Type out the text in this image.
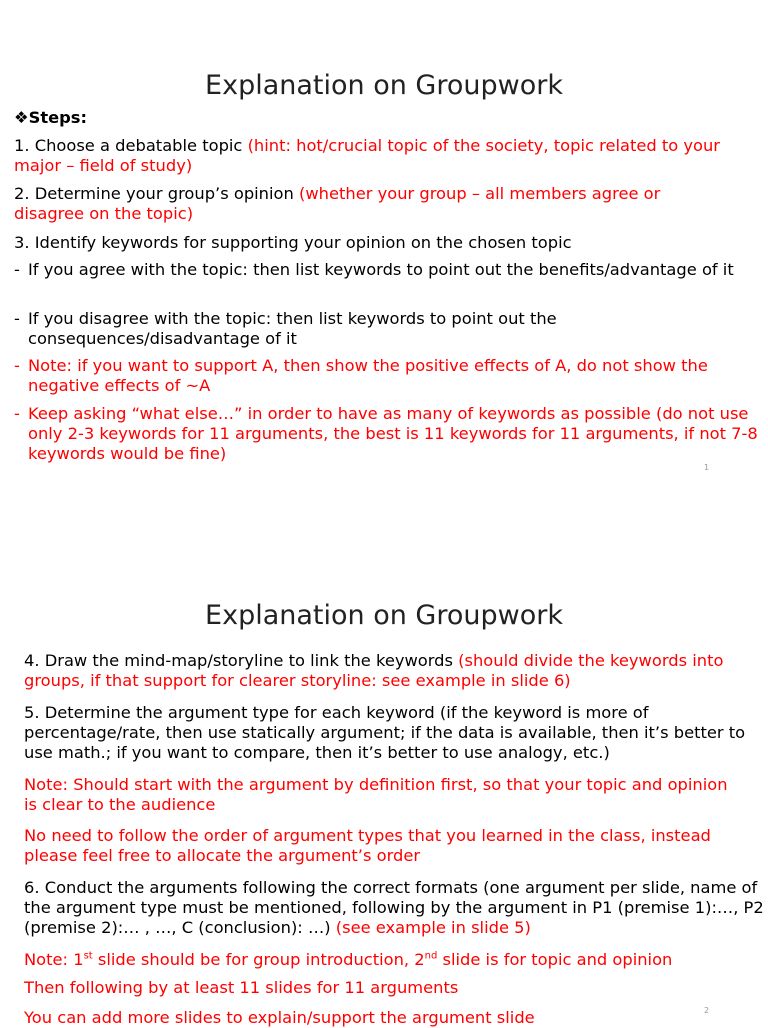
Explanation on Groupwork
❖Steps:

1. Choose a debatable topic (hint: hot/crucial topic of the society, topic related to your major – field of study)

2. Determine your group’s opinion (whether your group – all members agree or disagree on the topic)

3. Identify keywords for supporting your opinion on the chosen topic

- If you agree with the topic: then list keywords to point out the benefits/advantage of it

- If you disagree with the topic: then list keywords to point out the consequences/disadvantage of it

- Note: if you want to support A, then show the positive effects of A, do not show the negative effects of ~A

- Keep asking “what else…” in order to have as many of keywords as possible (do not use only 2-3 keywords for 11 arguments, the best is 11 keywords for 11 arguments, if not 7-8 keywords would be fine)

1
Explanation on Groupwork

4. Draw the mind-map/storyline to link the keywords (should divide the keywords into groups, if that support for clearer storyline: see example in slide 6)

5. Determine the argument type for each keyword (if the keyword is more of percentage/rate, then use statically argument; if the data is available, then it’s better to use math.; if you want to compare, then it’s better to use analogy, etc.)

Note: Should start with the argument by definition first, so that your topic and opinion is clear to the audience

No need to follow the order of argument types that you learned in the class, instead please feel free to allocate the argument’s order

6. Conduct the arguments following the correct formats (one argument per slide, name of the argument type must be mentioned, following by the argument in P1 (premise 1):…, P2 (premise 2):… , …, C (conclusion): …) (see example in slide 5)

Note: 1st slide should be for group introduction, 2nd slide is for topic and opinion

Then following by at least 11 slides for 11 arguments

You can add more slides to explain/support the argument slide	2
